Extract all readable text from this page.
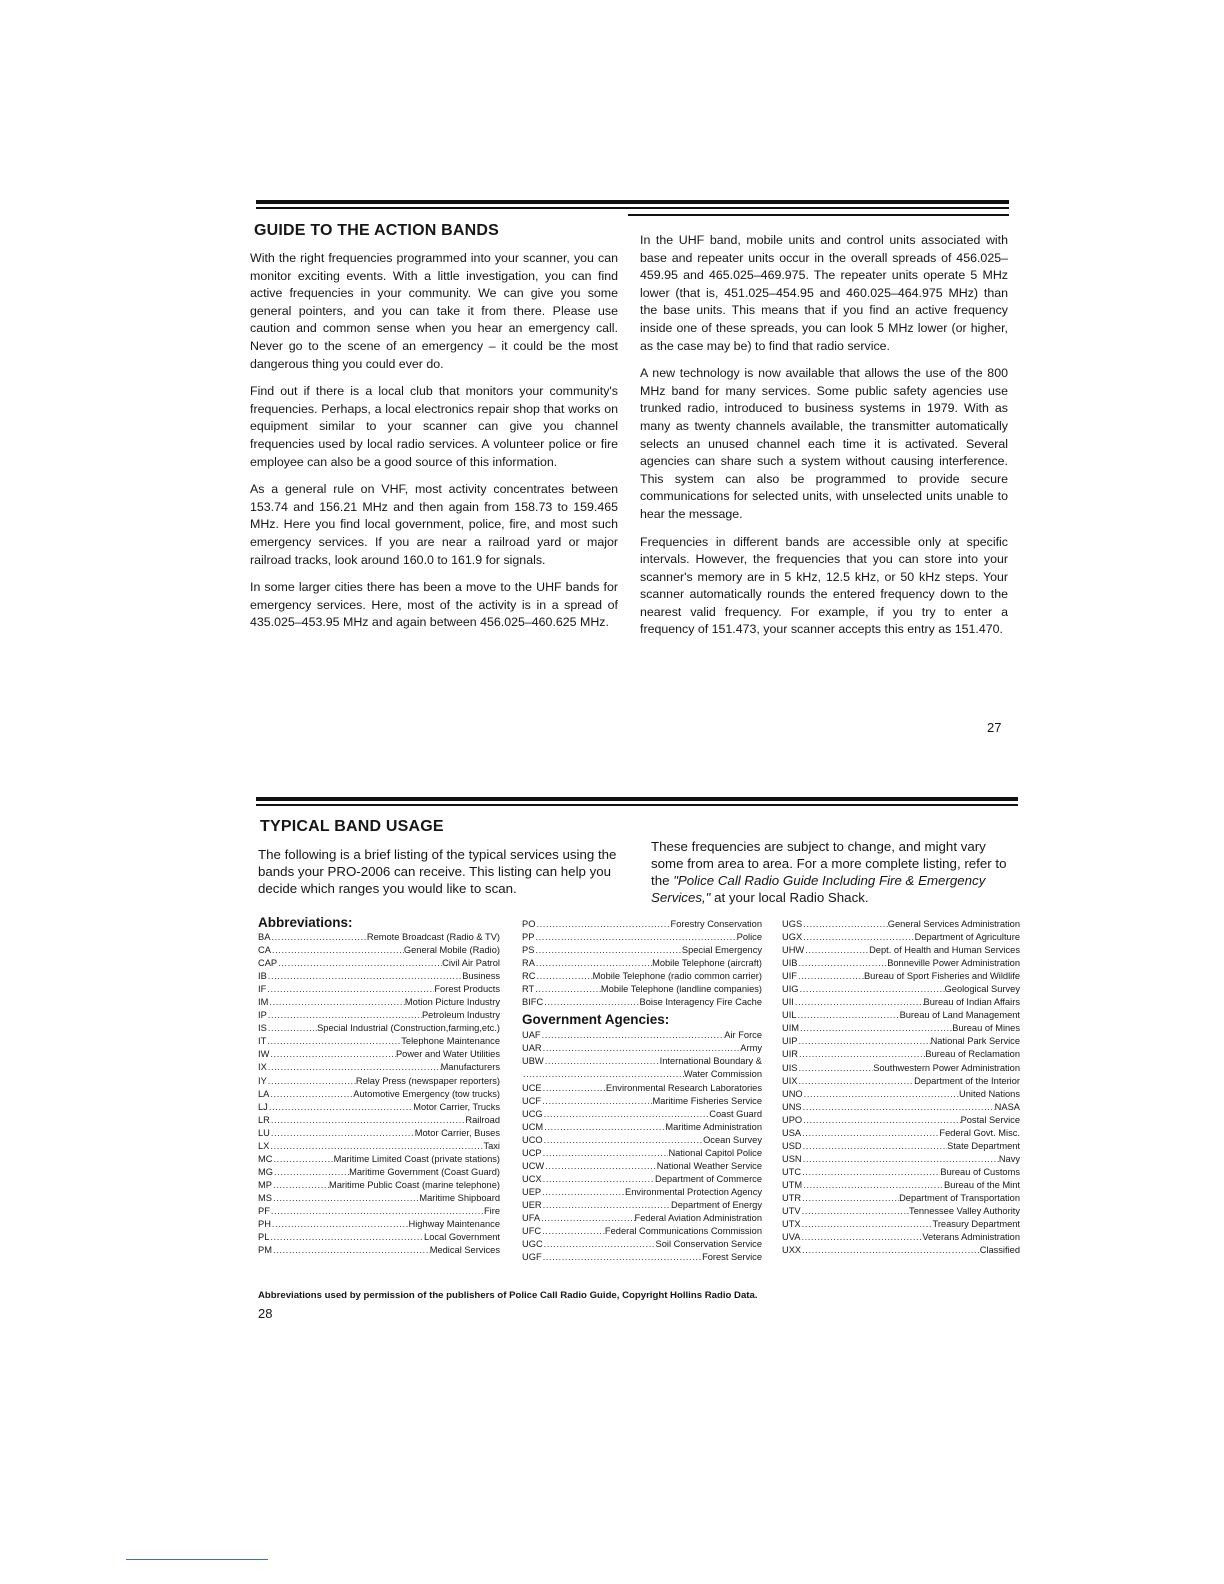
GUIDE TO THE ACTION BANDS

With the right frequencies programmed into your scanner, you can monitor exciting events. With a little investigation, you can find active frequencies in your community. We can give you some general pointers, and you can take it from there. Please use caution and common sense when you hear an emergency call. Never go to the scene of an emergency – it could be the most dangerous thing you could ever do.

Find out if there is a local club that monitors your community's frequencies. Perhaps, a local electronics repair shop that works on equipment similar to your scanner can give you channel frequencies used by local radio services. A volunteer police or fire employee can also be a good source of this information.

As a general rule on VHF, most activity concentrates between 153.74 and 156.21 MHz and then again from 158.73 to 159.465 MHz. Here you find local government, police, fire, and most such emergency services. If you are near a railroad yard or major railroad tracks, look around 160.0 to 161.9 for signals.

In some larger cities there has been a move to the UHF bands for emergency services. Here, most of the activity is in a spread of 435.025–453.95 MHz and again between 456.025–460.625 MHz.

In the UHF band, mobile units and control units associated with base and repeater units occur in the overall spreads of 456.025–459.95 and 465.025–469.975. The repeater units operate 5 MHz lower (that is, 451.025–454.95 and 460.025–464.975 MHz) than the base units. This means that if you find an active frequency inside one of these spreads, you can look 5 MHz lower (or higher, as the case may be) to find that radio service.

A new technology is now available that allows the use of the 800 MHz band for many services. Some public safety agencies use trunked radio, introduced to business systems in 1979. With as many as twenty channels available, the transmitter automatically selects an unused channel each time it is activated. Several agencies can share such a system without causing interference. This system can also be programmed to provide secure communications for selected units, with unselected units unable to hear the message.

Frequencies in different bands are accessible only at specific intervals. However, the frequencies that you can store into your scanner's memory are in 5 kHz, 12.5 kHz, or 50 kHz steps. Your scanner automatically rounds the entered frequency down to the nearest valid frequency. For example, if you try to enter a frequency of 151.473, your scanner accepts this entry as 151.470.

27
TYPICAL BAND USAGE

The following is a brief listing of the typical services using the bands your PRO-2006 can receive. This listing can help you decide which ranges you would like to scan.

These frequencies are subject to change, and might vary some from area to area. For a more complete listing, refer to the "Police Call Radio Guide Including Fire & Emergency Services," at your local Radio Shack.

Abbreviations:

BA .....	Remote Broadcast (Radio & TV)
CA .....	General Mobile (Radio)
CAP .....	Civil Air Patrol
IB .....	Business
IF .....	Forest Products
IM .....	Motion Picture Industry
IP .....	Petroleum Industry
IS .....	Special Industrial (Construction,farming,etc.)
IT .....	Telephone Maintenance
IW .....	Power and Water Utilities
IX .....	Manufacturers
IY .....	Relay Press (newspaper reporters)
LA .....	Automotive Emergency (tow trucks)
LJ .....	Motor Carrier, Trucks
LR .....	Railroad
LU .....	Motor Carrier, Buses
LX .....	Taxi
MC .....	Maritime Limited Coast (private stations)
MG .....	Maritime Government (Coast Guard)
MP .....	Maritime Public Coast (marine telephone)
MS .....	Maritime Shipboard
PF .....	Fire
PH .....	Highway Maintenance
PL .....	Local Government
PM .....	Medical Services
PO .....	Forestry Conservation
PP .....	Police
PS .....	Special Emergency
RA .....	Mobile Telephone (aircraft)
RC .....	Mobile Telephone (radio common carrier)
RT .....	Mobile Telephone (landline companies)
BIFC .....	Boise Interagency Fire Cache

Government Agencies:

UAF .....	Air Force
UAR .....	Army
UBW .....	International Boundary &
.....
Water Commission
UCE .....	Environmental Research Laboratories
UCF .....	Maritime Fisheries Service
UCG .....	Coast Guard
UCM .....	Maritime Administration
UCO .....	Ocean Survey
UCP .....	National Capitol Police
UCW .....	National Weather Service
UCX .....	Department of Commerce
UEP .....	Environmental Protection Agency
UER .....	Department of Energy
UFA .....	Federal Aviation Administration
UFC .....	Federal Communications Commission
UGC .....	Soil Conservation Service
UGF .....	Forest Service
UGS .....	General Services Administration
UGX .....	Department of Agriculture
UHW .....	Dept. of Health and Human Services
UIB .....	Bonneville Power Administration
UIF .....	Bureau of Sport Fisheries and Wildlife
UIG .....	Geological Survey
UII .....	Bureau of Indian Affairs
UIL .....	Bureau of Land Management
UIM .....	Bureau of Mines
UIP .....	National Park Service
UIR .....	Bureau of Reclamation
UIS .....	Southwestern Power Administration
UIX .....	Department of the Interior
UNO .....	United Nations
UNS .....	NASA
UPO .....	Postal Service
USA .....	Federal Govt. Misc.
USD .....	State Department
USN .....	Navy
UTC .....	Bureau of Customs
UTM .....	Bureau of the Mint
UTR .....	Department of Transportation
UTV .....	Tennessee Valley Authority
UTX .....	Treasury Department
UVA .....	Veterans Administration
UXX .....	Classified
Abbreviations used by permission of the publishers of Police Call Radio Guide, Copyright Hollins Radio Data.
28
